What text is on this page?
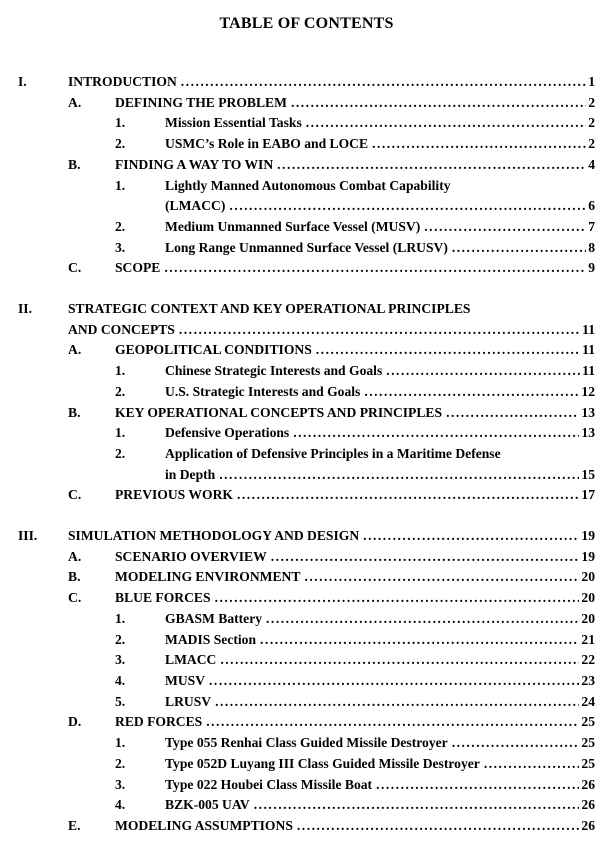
TABLE OF CONTENTS
I.	INTRODUCTION .....	1
A.	DEFINING THE PROBLEM .....	2
1.	Mission Essential Tasks .....	2
2.	USMC’s Role in EABO and LOCE .....	2
B.	FINDING A WAY TO WIN .....	4
1.	Lightly Manned Autonomous Combat Capability
(LMACC) .....	6
2.	Medium Unmanned Surface Vessel (MUSV) .....	7
3.	Long Range Unmanned Surface Vessel (LRUSV) .....	8
C.	SCOPE .....	9
II.	STRATEGIC CONTEXT AND KEY OPERATIONAL PRINCIPLES
AND CONCEPTS .....	11
A.	GEOPOLITICAL CONDITIONS .....	11
1.	Chinese Strategic Interests and Goals .....	11
2.	U.S. Strategic Interests and Goals .....	12
B.	KEY OPERATIONAL CONCEPTS AND PRINCIPLES .....	13
1.	Defensive Operations .....	13
2.	Application of Defensive Principles in a Maritime Defense
in Depth .....	15
C.	PREVIOUS WORK .....	17
III.	SIMULATION METHODOLOGY AND DESIGN .....	19
A.	SCENARIO OVERVIEW .....	19
B.	MODELING ENVIRONMENT .....	20
C.	BLUE FORCES .....	20
1.	GBASM Battery .....	20
2.	MADIS Section .....	21
3.	LMACC .....	22
4.	MUSV .....	23
5.	LRUSV .....	24
D.	RED FORCES .....	25
1.	Type 055 Renhai Class Guided Missile Destroyer .....	25
2.	Type 052D Luyang III Class Guided Missile Destroyer .....	25
3.	Type 022 Houbei Class Missile Boat .....	26
4.	BZK-005 UAV .....	26
E.	MODELING ASSUMPTIONS .....	26
